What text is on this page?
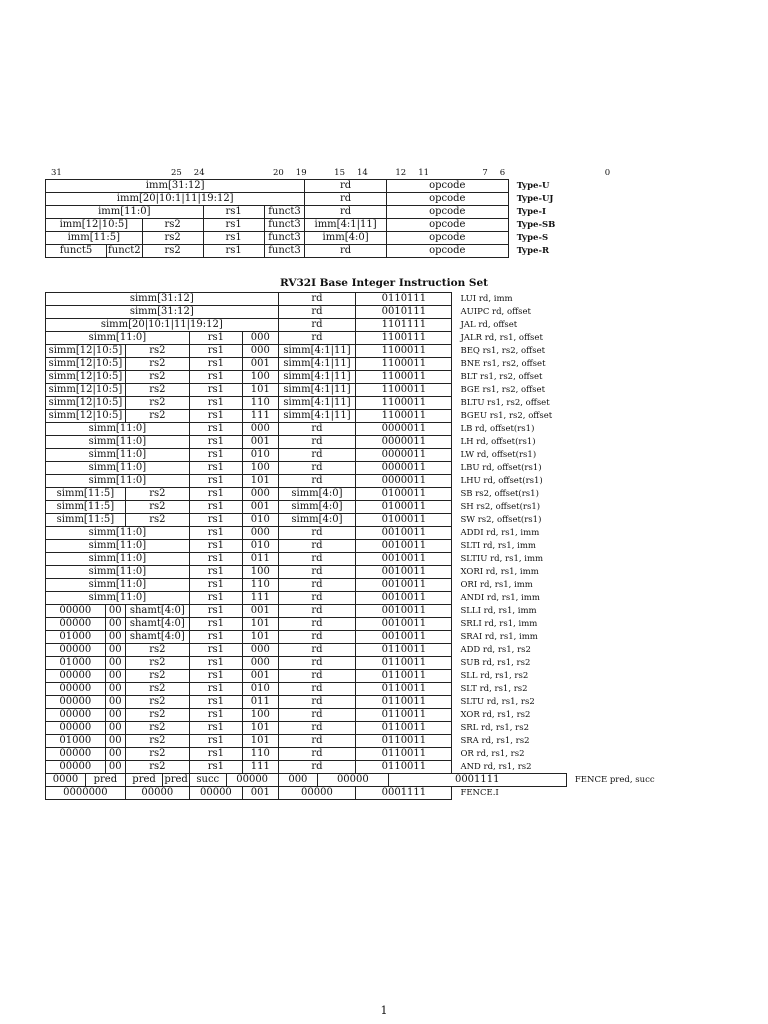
31	25 24	20 19	15 14	12 11	7 6	0
imm[31:12]					rd	opcode	Type-U
imm[20|10:1|11|19:12]					rd	opcode	Type-UJ
imm[11:0]			rs1	funct3	rd	opcode	Type-I
imm[12|10:5]		rs2	rs1	funct3	imm[4:1|11]	opcode	Type-SB
imm[11:5]		rs2	rs1	funct3	imm[4:0]	opcode	Type-S
funct5	funct2	rs2	rs1	funct3	rd	opcode	Type-R
RV32I Base Integer Instruction Set
simm[31:12]								rd		0110111		LUI rd, imm	
simm[31:12]								rd		0010111		AUIPC rd, offset	
simm[20|10:1|11|19:12]								rd		1101111		JAL rd, offset	
simm[11:0]					rs1		000	rd		1100111		JALR rd, rs1, offset	
simm[12|10:5]			rs2		rs1		000	simm[4:1|11]		1100011		BEQ rs1, rs2, offset	
simm[12|10:5]			rs2		rs1		001	simm[4:1|11]		1100011		BNE rs1, rs2, offset	
simm[12|10:5]			rs2		rs1		100	simm[4:1|11]		1100011		BLT rs1, rs2, offset	
simm[12|10:5]			rs2		rs1		101	simm[4:1|11]		1100011		BGE rs1, rs2, offset	
simm[12|10:5]			rs2		rs1		110	simm[4:1|11]		1100011		BLTU rs1, rs2, offset	
simm[12|10:5]			rs2		rs1		111	simm[4:1|11]		1100011		BGEU rs1, rs2, offset	
simm[11:0]					rs1		000	rd		0000011		LB rd, offset(rs1)	
simm[11:0]					rs1		001	rd		0000011		LH rd, offset(rs1)	
simm[11:0]					rs1		010	rd		0000011		LW rd, offset(rs1)	
simm[11:0]					rs1		100	rd		0000011		LBU rd, offset(rs1)	
simm[11:0]					rs1		101	rd		0000011		LHU rd, offset(rs1)	
simm[11:5]			rs2		rs1		000	simm[4:0]		0100011		SB rs2, offset(rs1)	
simm[11:5]			rs2		rs1		001	simm[4:0]		0100011		SH rs2, offset(rs1)	
simm[11:5]			rs2		rs1		010	simm[4:0]		0100011		SW rs2, offset(rs1)	
simm[11:0]					rs1		000	rd		0010011		ADDI rd, rs1, imm	
simm[11:0]					rs1		010	rd		0010011		SLTI rd, rs1, imm	
simm[11:0]					rs1		011	rd		0010011		SLTIU rd, rs1, imm	
simm[11:0]					rs1		100	rd		0010011		XORI rd, rs1, imm	
simm[11:0]					rs1		110	rd		0010011		ORI rd, rs1, imm	
simm[11:0]					rs1		111	rd		0010011		ANDI rd, rs1, imm	
00000		00	shamt[4:0]		rs1		001	rd		0010011		SLLI rd, rs1, imm	
00000		00	shamt[4:0]		rs1		101	rd		0010011		SRLI rd, rs1, imm	
01000		00	shamt[4:0]		rs1		101	rd		0010011		SRAI rd, rs1, imm	
00000		00	rs2		rs1		000	rd		0110011		ADD rd, rs1, rs2	
01000		00	rs2		rs1		000	rd		0110011		SUB rd, rs1, rs2	
00000		00	rs2		rs1		001	rd		0110011		SLL rd, rs1, rs2	
00000		00	rs2		rs1		010	rd		0110011		SLT rd, rs1, rs2	
00000		00	rs2		rs1		011	rd		0110011		SLTU rd, rs1, rs2	
00000		00	rs2		rs1		100	rd		0110011		XOR rd, rs1, rs2	
00000		00	rs2		rs1		101	rd		0110011		SRL rd, rs1, rs2	
01000		00	rs2		rs1		101	rd		0110011		SRA rd, rs1, rs2	
00000		00	rs2		rs1		110	rd		0110011		OR rd, rs1, rs2	
00000		00	rs2		rs1		111	rd		0110011		AND rd, rs1, rs2	
0000	pred		pred	pred	succ	00000		000	00000		0001111		FENCE pred, succ
0000000			00000		00000		001	00000		0001111		FENCE.I	
1
